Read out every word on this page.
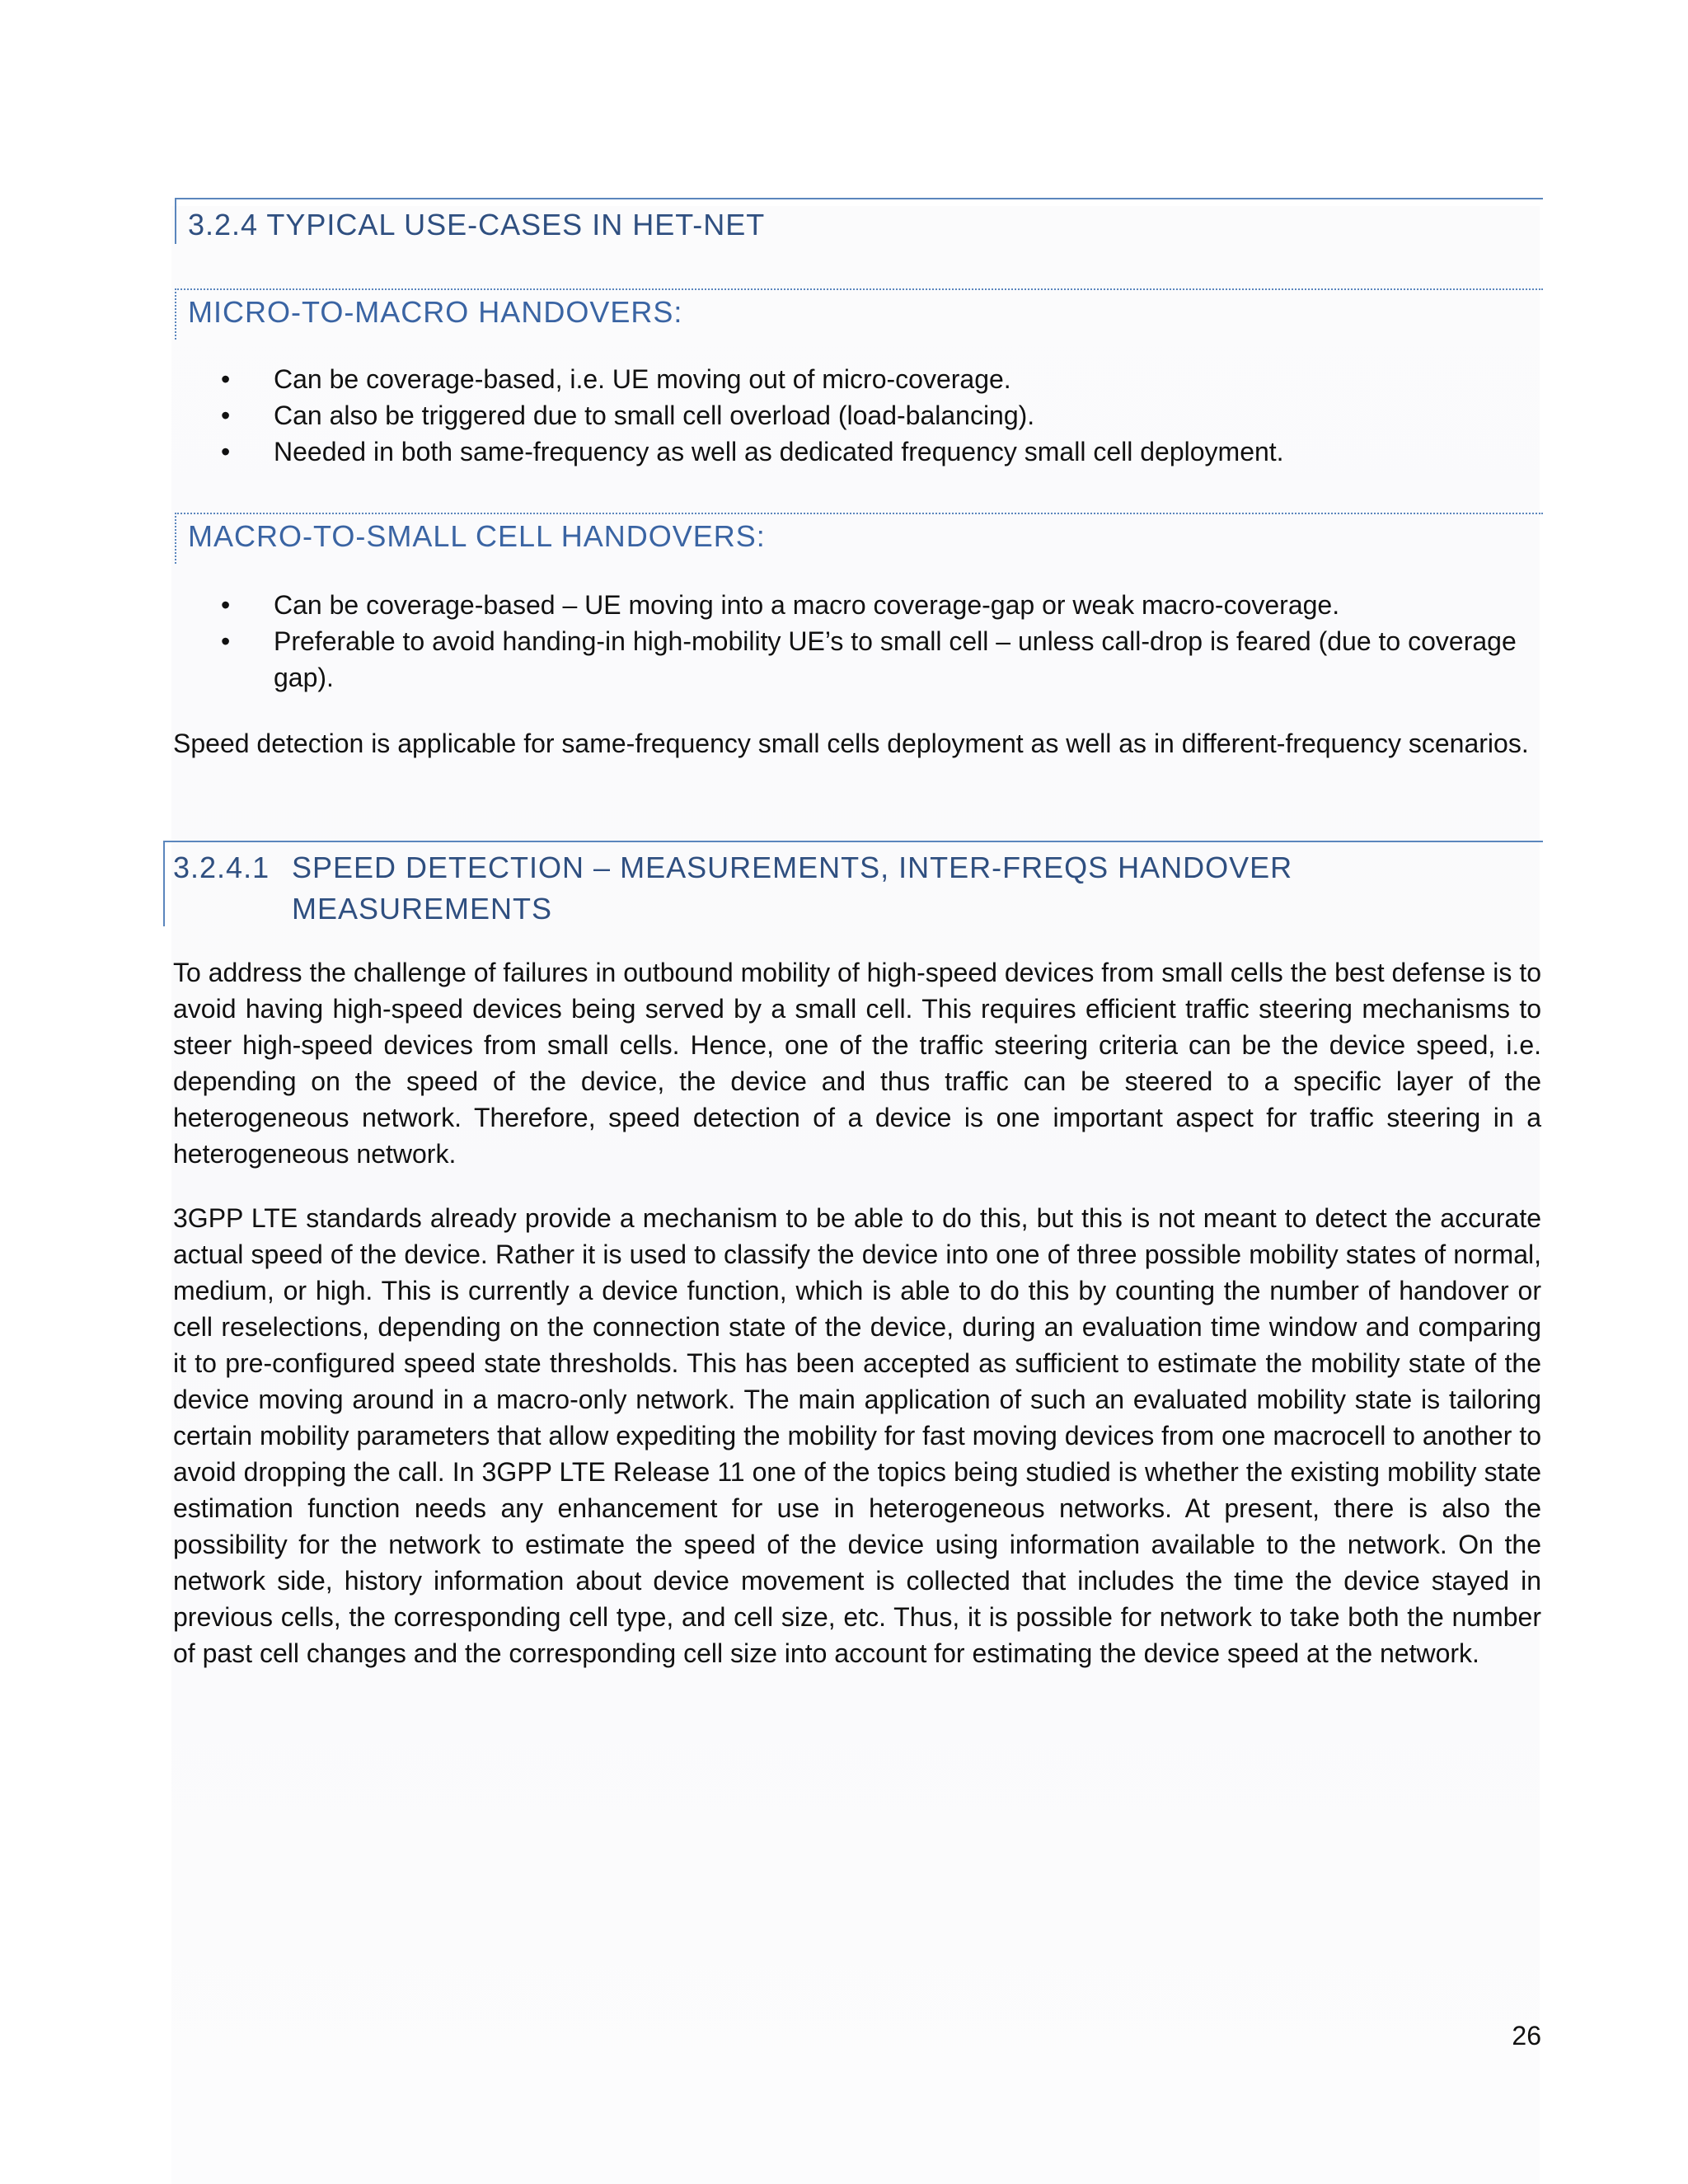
3.2.4 TYPICAL USE-CASES IN HET-NET
MICRO-TO-MACRO HANDOVERS:
• Can be coverage-based, i.e. UE moving out of micro-coverage.
• Can also be triggered due to small cell overload (load-balancing).
• Needed in both same-frequency as well as dedicated frequency small cell deployment.
MACRO-TO-SMALL CELL HANDOVERS:
• Can be coverage-based – UE moving into a macro coverage-gap or weak macro-coverage.
• Preferable to avoid handing-in high-mobility UE’s to small cell – unless call-drop is feared (due to coverage gap).

Speed detection is applicable for same-frequency small cells deployment as well as in different-frequency scenarios.

3.2.4.1 SPEED DETECTION – MEASUREMENTS, INTER-FREQS HANDOVER MEASUREMENTS

To address the challenge of failures in outbound mobility of high-speed devices from small cells the best defense is to avoid having high-speed devices being served by a small cell. This requires efficient traffic steering mechanisms to steer high-speed devices from small cells. Hence, one of the traffic steering criteria can be the device speed, i.e. depending on the speed of the device, the device and thus traffic can be steered to a specific layer of the heterogeneous network. Therefore, speed detection of a device is one important aspect for traffic steering in a heterogeneous network.

3GPP LTE standards already provide a mechanism to be able to do this, but this is not meant to detect the accurate actual speed of the device. Rather it is used to classify the device into one of three possible mobility states of normal, medium, or high. This is currently a device function, which is able to do this by counting the number of handover or cell reselections, depending on the connection state of the device, during an evaluation time window and comparing it to pre-configured speed state thresholds. This has been accepted as sufficient to estimate the mobility state of the device moving around in a macro-only network. The main application of such an evaluated mobility state is tailoring certain mobility parameters that allow expediting the mobility for fast moving devices from one macrocell to another to avoid dropping the call. In 3GPP LTE Release 11 one of the topics being studied is whether the existing mobility state estimation function needs any enhancement for use in heterogeneous networks. At present, there is also the possibility for the network to estimate the speed of the device using information available to the network. On the network side, history information about device movement is collected that includes the time the device stayed in previous cells, the corresponding cell type, and cell size, etc. Thus, it is possible for network to take both the number of past cell changes and the corresponding cell size into account for estimating the device speed at the network.

26
